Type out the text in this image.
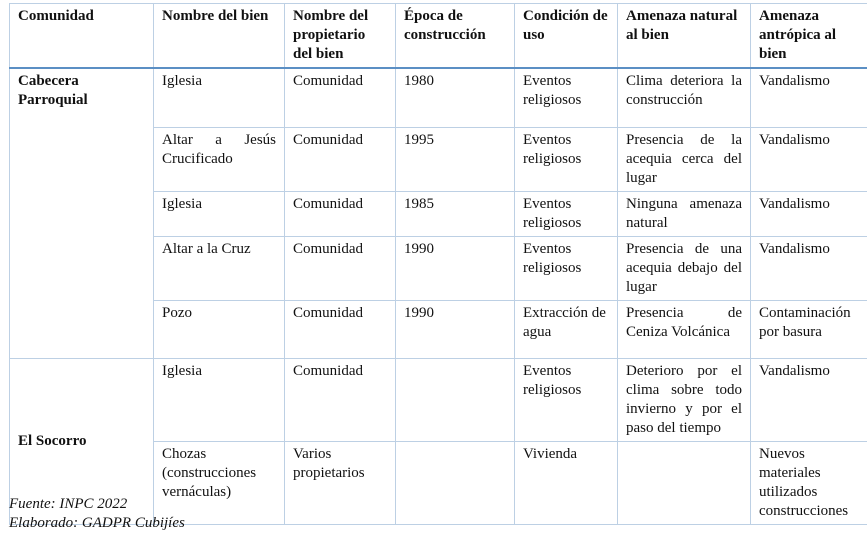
Comunidad	Nombre del bien	Nombre del propietario del bien	Época de construcción	Condición de uso	Amenaza natural al bien	Amenaza antrópica al bien
Cabecera Parroquial	Iglesia	Comunidad	1980	Eventos religiosos	Clima deteriora la construcción	Vandalismo
	Altar a Jesús Crucificado	Comunidad	1995	Eventos religiosos	Presencia de la acequia cerca del lugar	Vandalismo
	Iglesia	Comunidad	1985	Eventos religiosos	Ninguna amenaza natural	Vandalismo
	Altar a la Cruz	Comunidad	1990	Eventos religiosos	Presencia de una acequia debajo del lugar	Vandalismo
	Pozo	Comunidad	1990	Extracción de agua	Presencia de Ceniza Volcánica	Contaminación por basura
El Socorro	Iglesia	Comunidad		Eventos religiosos	Deterioro por el clima sobre todo invierno y por el paso del tiempo	Vandalismo
	Chozas (construcciones vernáculas)	Varios propietarios		Vivienda		Nuevos materiales utilizados construcciones
Fuente: INPC 2022
Elaborado: GADPR Cubijíes
